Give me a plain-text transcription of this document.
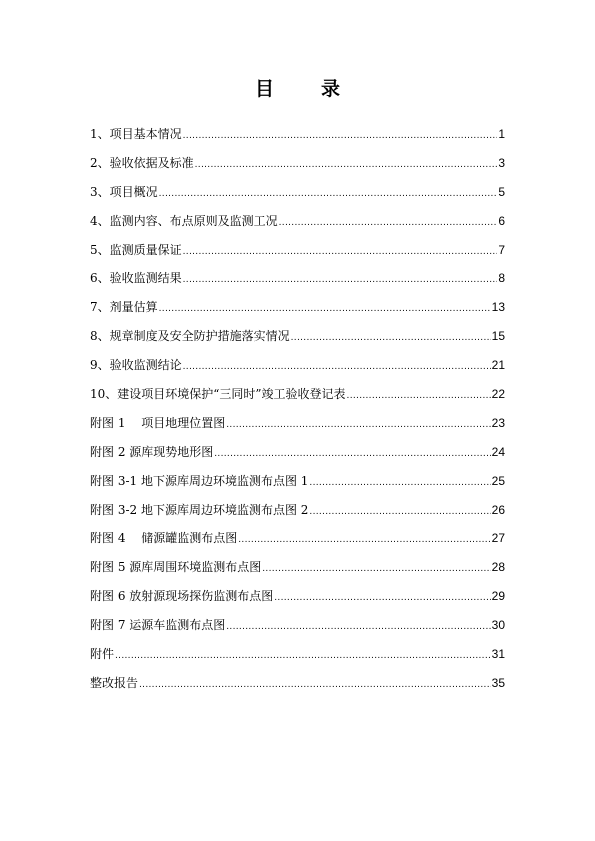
目　录
1、项目基本情况 .....	1
2、验收依据及标准 .....	3
3、项目概况 .....	5
4、监测内容、布点原则及监测工况 .....	6
5、监测质量保证 .....	7
6、验收监测结果 .....	8
7、剂量估算 .....	13
8、规章制度及安全防护措施落实情况 .....	15
9、验收监测结论 .....	21
10、建设项目环境保护“三同时”竣工验收登记表 .....	22
附图 1　 项目地理位置图 .....	23
附图 2 源库现势地形图 .....	24
附图 3-1 地下源库周边环境监测布点图 1 .....	25
附图 3-2 地下源库周边环境监测布点图 2 .....	26
附图 4　 储源罐监测布点图 .....	27
附图 5 源库周围环境监测布点图 .....	28
附图 6 放射源现场探伤监测布点图 .....	29
附图 7 运源车监测布点图 .....	30
附件 .....	31
整改报告 .....	35
